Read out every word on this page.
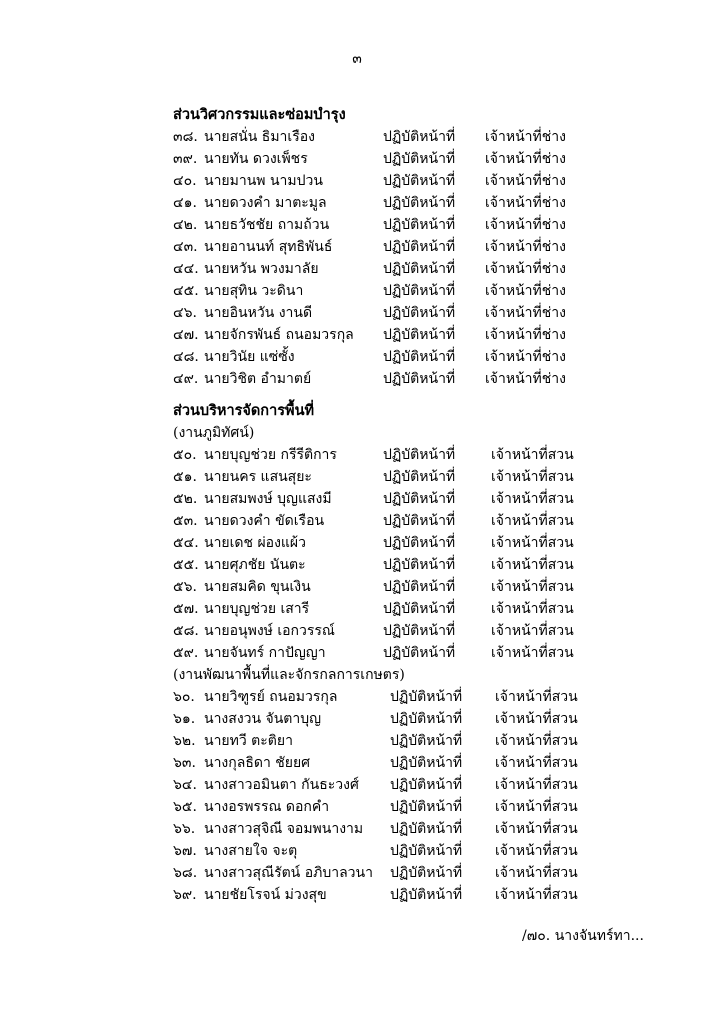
๓
ส่วนวิศวกรรมและซ่อมบำรุง
๓๘. นายสนั่น ธิมาเรือง	ปฏิบัติหน้าที่ เจ้าหน้าที่ช่าง
๓๙. นายทัน ดวงเพ็ชร	ปฏิบัติหน้าที่ เจ้าหน้าที่ช่าง
๔๐. นายมานพ นามปวน	ปฏิบัติหน้าที่ เจ้าหน้าที่ช่าง
๔๑. นายดวงคำ มาตะมูล	ปฏิบัติหน้าที่ เจ้าหน้าที่ช่าง
๔๒. นายธวัชชัย ถามถ้วน	ปฏิบัติหน้าที่ เจ้าหน้าที่ช่าง
๔๓. นายอานนท์ สุทธิพันธ์	ปฏิบัติหน้าที่ เจ้าหน้าที่ช่าง
๔๔. นายหวัน พวงมาลัย	ปฏิบัติหน้าที่ เจ้าหน้าที่ช่าง
๔๕. นายสุทิน วะดินา	ปฏิบัติหน้าที่ เจ้าหน้าที่ช่าง
๔๖. นายอินหวัน งานดี	ปฏิบัติหน้าที่ เจ้าหน้าที่ช่าง
๔๗. นายจักรพันธ์ ถนอมวรกุล ปฏิบัติหน้าที่ เจ้าหน้าที่ช่าง
๔๘. นายวินัย แซ่ซั้ง	ปฏิบัติหน้าที่ เจ้าหน้าที่ช่าง
๔๙. นายวิชิต อำมาตย์	ปฏิบัติหน้าที่ เจ้าหน้าที่ช่าง
ส่วนบริหารจัดการพื้นที่
(งานภูมิทัศน์)
๕๐. นายบุญช่วย กรีรีติการ	ปฏิบัติหน้าที่	เจ้าหน้าที่สวน
๕๑. นายนคร แสนสุยะ	ปฏิบัติหน้าที่	เจ้าหน้าที่สวน
๕๒. นายสมพงษ์ บุญแสงมี	ปฏิบัติหน้าที่	เจ้าหน้าที่สวน
๕๓. นายดวงคำ ขัดเรือน	ปฏิบัติหน้าที่	เจ้าหน้าที่สวน
๕๔. นายเดช ผ่องแผ้ว	ปฏิบัติหน้าที่	เจ้าหน้าที่สวน
๕๕. นายศุภชัย นันตะ	ปฏิบัติหน้าที่	เจ้าหน้าที่สวน
๕๖. นายสมคิด ขุนเงิน	ปฏิบัติหน้าที่	เจ้าหน้าที่สวน
๕๗. นายบุญช่วย เสารี	ปฏิบัติหน้าที่	เจ้าหน้าที่สวน
๕๘. นายอนุพงษ์ เอกวรรณ์	ปฏิบัติหน้าที่	เจ้าหน้าที่สวน
๕๙. นายจันทร์ กาปัญญา	ปฏิบัติหน้าที่	เจ้าหน้าที่สวน
(งานพัฒนาพื้นที่และจักรกลการเกษตร)
๖๐. นายวิฑูรย์ ถนอมวรกุล	ปฏิบัติหน้าที่ เจ้าหน้าที่สวน
๖๑. นางสงวน จันตาบุญ	ปฏิบัติหน้าที่ เจ้าหน้าที่สวน
๖๒. นายทวี ตะติยา	ปฏิบัติหน้าที่ เจ้าหน้าที่สวน
๖๓. นางกุลธิดา ชัยยศ	ปฏิบัติหน้าที่ เจ้าหน้าที่สวน
๖๔. นางสาวอมินตา กันธะวงศ์ ปฏิบัติหน้าที่ เจ้าหน้าที่สวน
๖๕. นางอรพรรณ ดอกคำ	ปฏิบัติหน้าที่ เจ้าหน้าที่สวน
๖๖. นางสาวสุจิณี จอมพนางาม ปฏิบัติหน้าที่ เจ้าหน้าที่สวน
๖๗. นางสายใจ จะตุ	ปฏิบัติหน้าที่ เจ้าหน้าที่สวน
๖๘. นางสาวสุณีรัตน์ อภิบาลวนา ปฏิบัติหน้าที่ เจ้าหน้าที่สวน
๖๙. นายชัยโรจน์ ม่วงสุข	ปฏิบัติหน้าที่ เจ้าหน้าที่สวน
/๗๐. นางจันทร์ทา...
